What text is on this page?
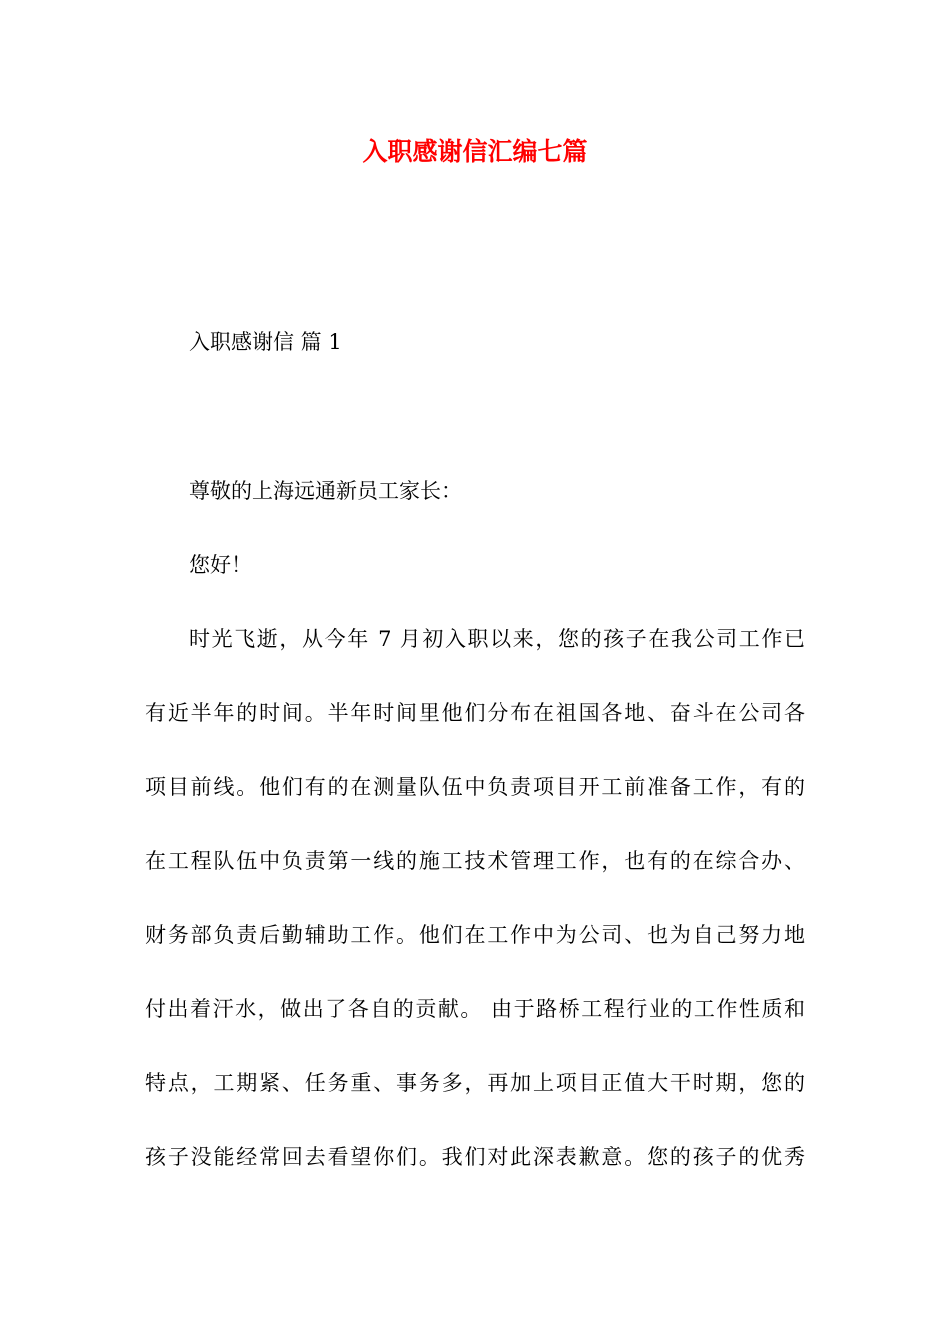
入职感谢信汇编七篇

入职感谢信 篇 1

尊敬的上海远通新员工家长：

您好！

时光飞逝，从今年 7 月初入职以来，您的孩子在我公司工作已

有近半年的时间。半年时间里他们分布在祖国各地、奋斗在公司各

项目前线。他们有的在测量队伍中负责项目开工前准备工作，有的

在工程队伍中负责第一线的施工技术管理工作，也有的在综合办、

财务部负责后勤辅助工作。他们在工作中为公司、也为自己努力地

付出着汗水，做出了各自的贡献。 由于路桥工程行业的工作性质和

特点，工期紧、任务重、事务多，再加上项目正值大干时期，您的

孩子没能经常回去看望你们。我们对此深表歉意。您的孩子的优秀
